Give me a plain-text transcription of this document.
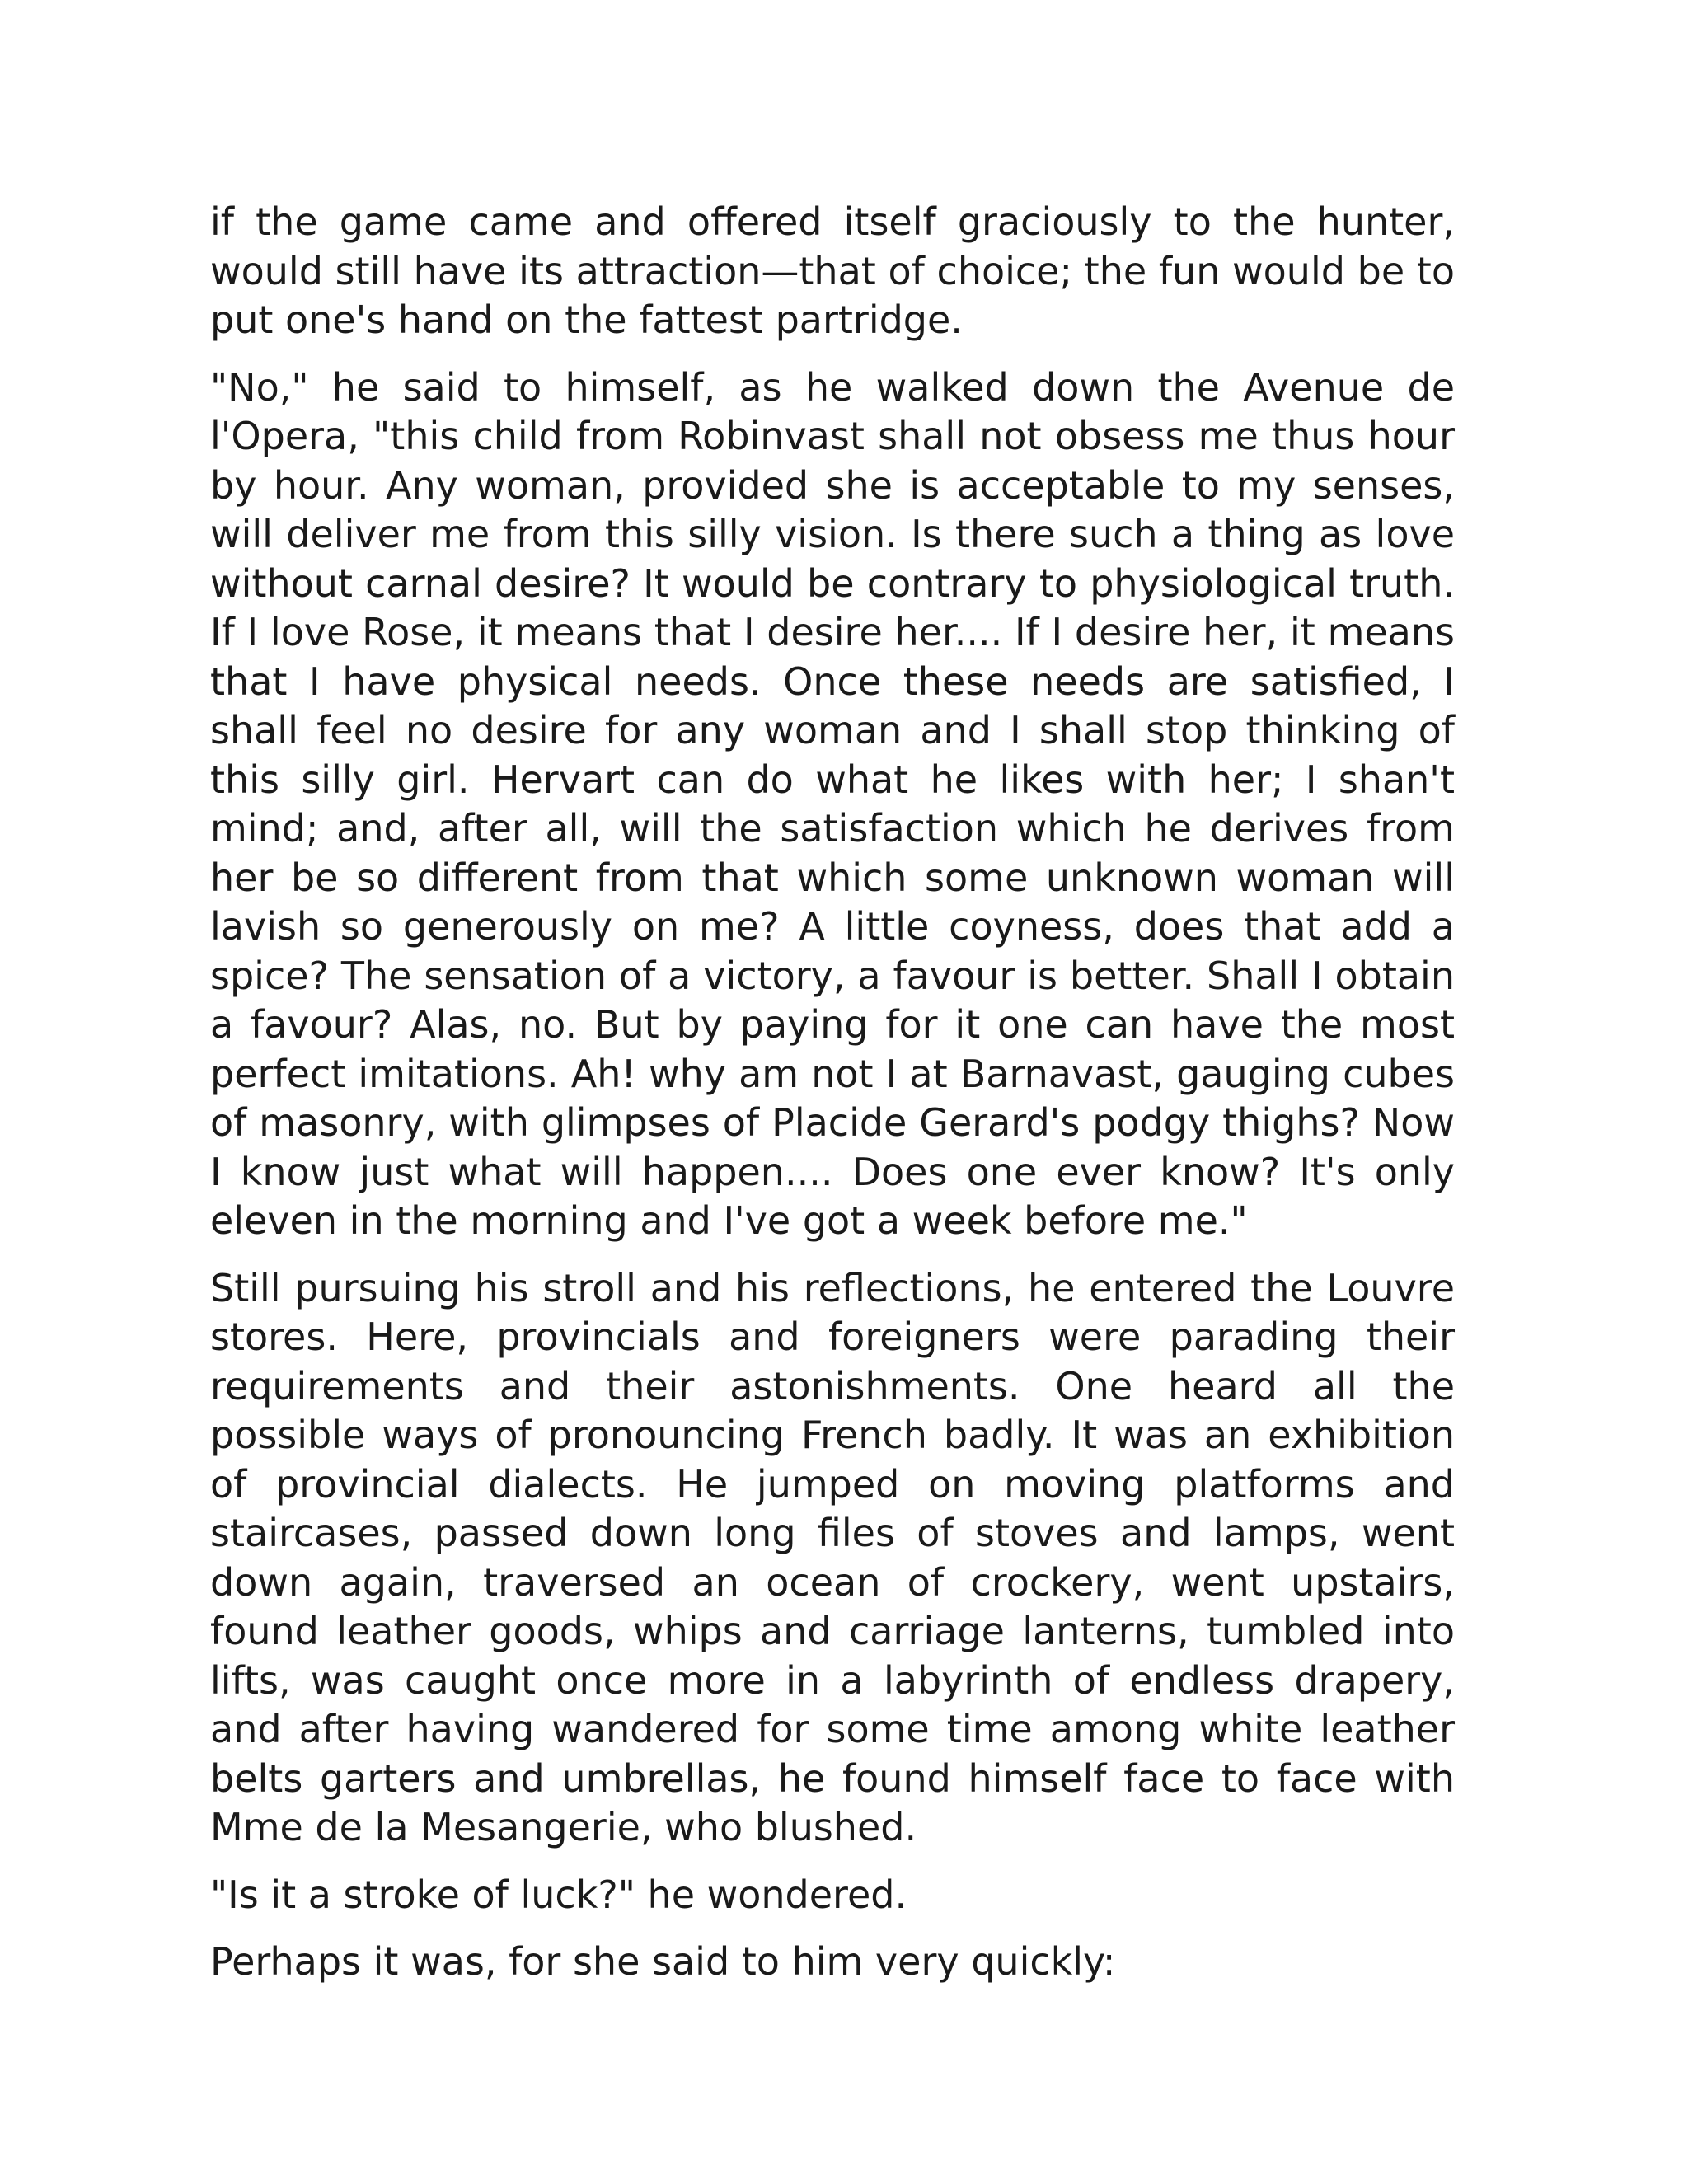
if the game came and offered itself graciously to the hunter, would still have its attraction—that of choice; the fun would be to put one's hand on the fattest partridge.

"No," he said to himself, as he walked down the Avenue de l'Opera, "this child from Robinvast shall not obsess me thus hour by hour. Any woman, provided she is acceptable to my senses, will deliver me from this silly vision. Is there such a thing as love without carnal desire? It would be contrary to physiological truth. If I love Rose, it means that I desire her.... If I desire her, it means that I have physical needs. Once these needs are satisfied, I shall feel no desire for any woman and I shall stop thinking of this silly girl. Hervart can do what he likes with her; I shan't mind; and, after all, will the satisfaction which he derives from her be so different from that which some unknown woman will lavish so generously on me? A little coyness, does that add a spice? The sensation of a victory, a favour is better. Shall I obtain a favour? Alas, no. But by paying for it one can have the most perfect imitations. Ah! why am not I at Barnavast, gauging cubes of masonry, with glimpses of Placide Gerard's podgy thighs? Now I know just what will happen.... Does one ever know? It's only eleven in the morning and I've got a week before me."

Still pursuing his stroll and his reflections, he entered the Louvre stores. Here, provincials and foreigners were parading their requirements and their astonishments. One heard all the possible ways of pronouncing French badly. It was an exhibition of provincial dialects. He jumped on moving platforms and staircases, passed down long files of stoves and lamps, went down again, traversed an ocean of crockery, went upstairs, found leather goods, whips and carriage lanterns, tumbled into lifts, was caught once more in a labyrinth of endless drapery, and after having wandered for some time among white leather belts garters and umbrellas, he found himself face to face with Mme de la Mesangerie, who blushed.

"Is it a stroke of luck?" he wondered.

Perhaps it was, for she said to him very quickly:
